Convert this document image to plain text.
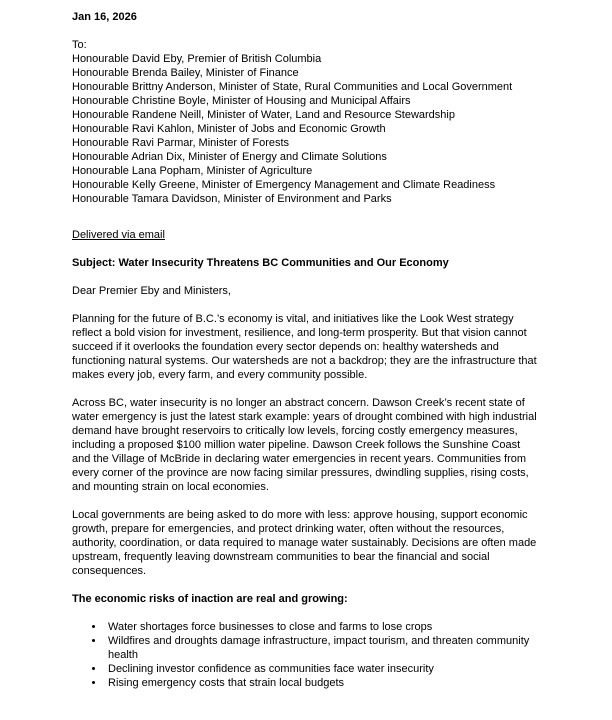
Jan 16, 2026

To:

Honourable David Eby, Premier of British Columbia

Honourable Brenda Bailey, Minister of Finance

Honourable Brittny Anderson, Minister of State, Rural Communities and Local Government

Honourable Christine Boyle, Minister of Housing and Municipal Affairs

Honourable Randene Neill, Minister of Water, Land and Resource Stewardship

Honourable Ravi Kahlon, Minister of Jobs and Economic Growth

Honourable Ravi Parmar, Minister of Forests

Honourable Adrian Dix, Minister of Energy and Climate Solutions

Honourable Lana Popham, Minister of Agriculture

Honourable Kelly Greene, Minister of Emergency Management and Climate Readiness

Honourable Tamara Davidson, Minister of Environment and Parks

Delivered via email

Subject: Water Insecurity Threatens BC Communities and Our Economy

Dear Premier Eby and Ministers,

Planning for the future of B.C.’s economy is vital, and initiatives like the Look West strategy reflect a bold vision for investment, resilience, and long-term prosperity. But that vision cannot succeed if it overlooks the foundation every sector depends on: healthy watersheds and functioning natural systems. Our watersheds are not a backdrop; they are the infrastructure that makes every job, every farm, and every community possible.

Across BC, water insecurity is no longer an abstract concern. Dawson Creek’s recent state of water emergency is just the latest stark example: years of drought combined with high industrial demand have brought reservoirs to critically low levels, forcing costly emergency measures, including a proposed $100 million water pipeline. Dawson Creek follows the Sunshine Coast and the Village of McBride in declaring water emergencies in recent years. Communities from every corner of the province are now facing similar pressures, dwindling supplies, rising costs, and mounting strain on local economies.

Local governments are being asked to do more with less: approve housing, support economic growth, prepare for emergencies, and protect drinking water, often without the resources, authority, coordination, or data required to manage water sustainably. Decisions are often made upstream, frequently leaving downstream communities to bear the financial and social consequences.

The economic risks of inaction are real and growing:

• Water shortages force businesses to close and farms to lose crops
• Wildfires and droughts damage infrastructure, impact tourism, and threaten community health
• Declining investor confidence as communities face water insecurity
• Rising emergency costs that strain local budgets
